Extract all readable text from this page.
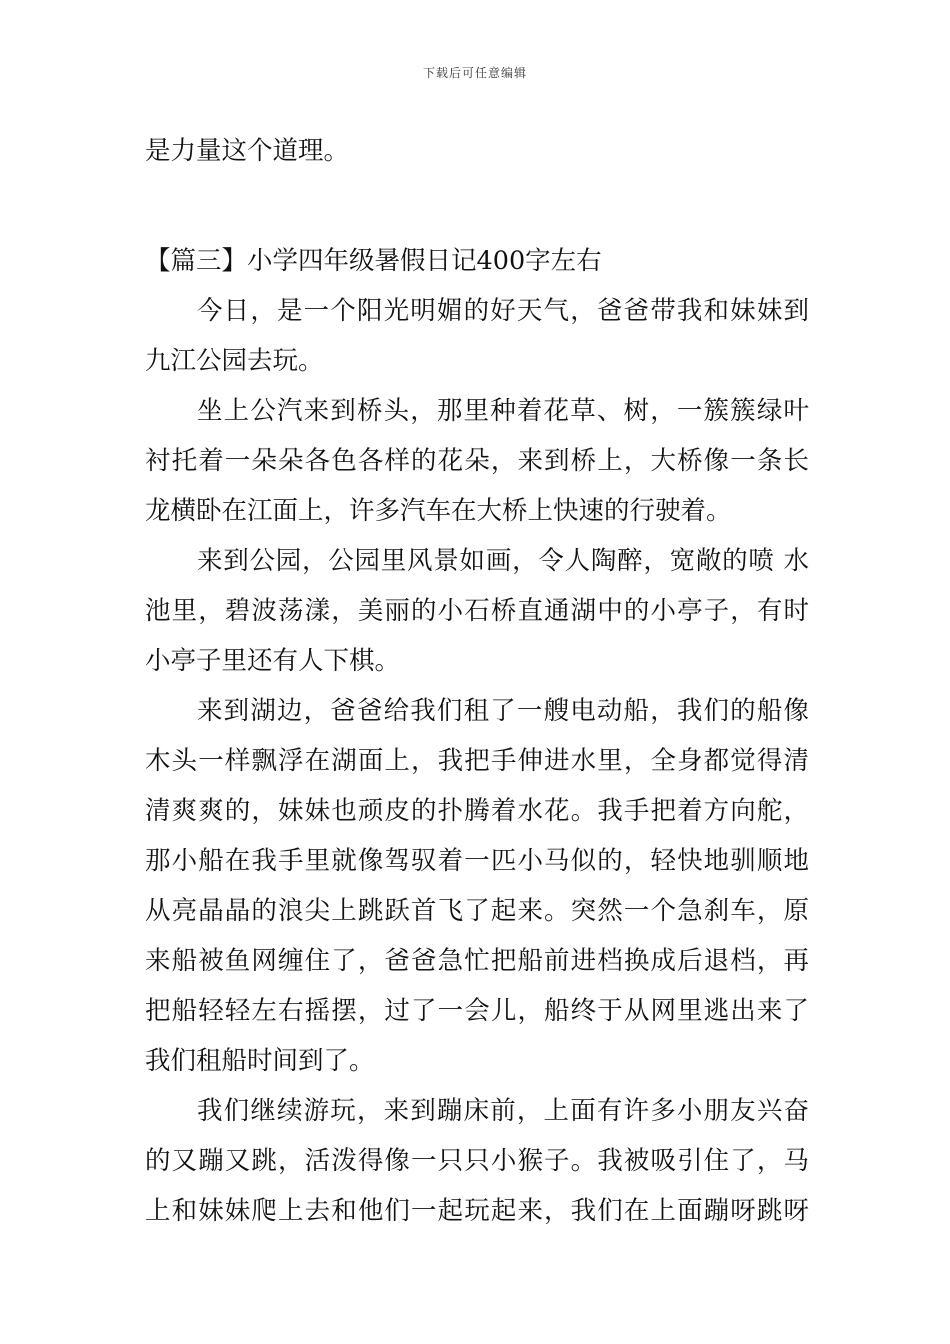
下载后可任意编辑
是力量这个道理。
【篇三】小学四年级暑假日记400字左右
今日，是一个阳光明媚的好天气，爸爸带我和妹妹到
九江公园去玩。
坐上公汽来到桥头，那里种着花草、树，一簇簇绿叶
衬托着一朵朵各色各样的花朵，来到桥上，大桥像一条长
龙横卧在江面上，许多汽车在大桥上快速的行驶着。
来到公园，公园里风景如画，令人陶醉，宽敞的喷 水
池里，碧波荡漾，美丽的小石桥直通湖中的小亭子，有时
小亭子里还有人下棋。
来到湖边，爸爸给我们租了一艘电动船，我们的船像
木头一样飘浮在湖面上，我把手伸进水里，全身都觉得清
清爽爽的，妹妹也顽皮的扑腾着水花。我手把着方向舵，
那小船在我手里就像驾驭着一匹小马似的，轻快地驯顺地
从亮晶晶的浪尖上跳跃首飞了起来。突然一个急刹车，原
来船被鱼网缠住了，爸爸急忙把船前进档换成后退档，再
把船轻轻左右摇摆，过了一会儿，船终于从网里逃出来了
我们租船时间到了。
我们继续游玩，来到蹦床前，上面有许多小朋友兴奋
的又蹦又跳，活泼得像一只只小猴子。我被吸引住了，马
上和妹妹爬上去和他们一起玩起来，我们在上面蹦呀跳呀
